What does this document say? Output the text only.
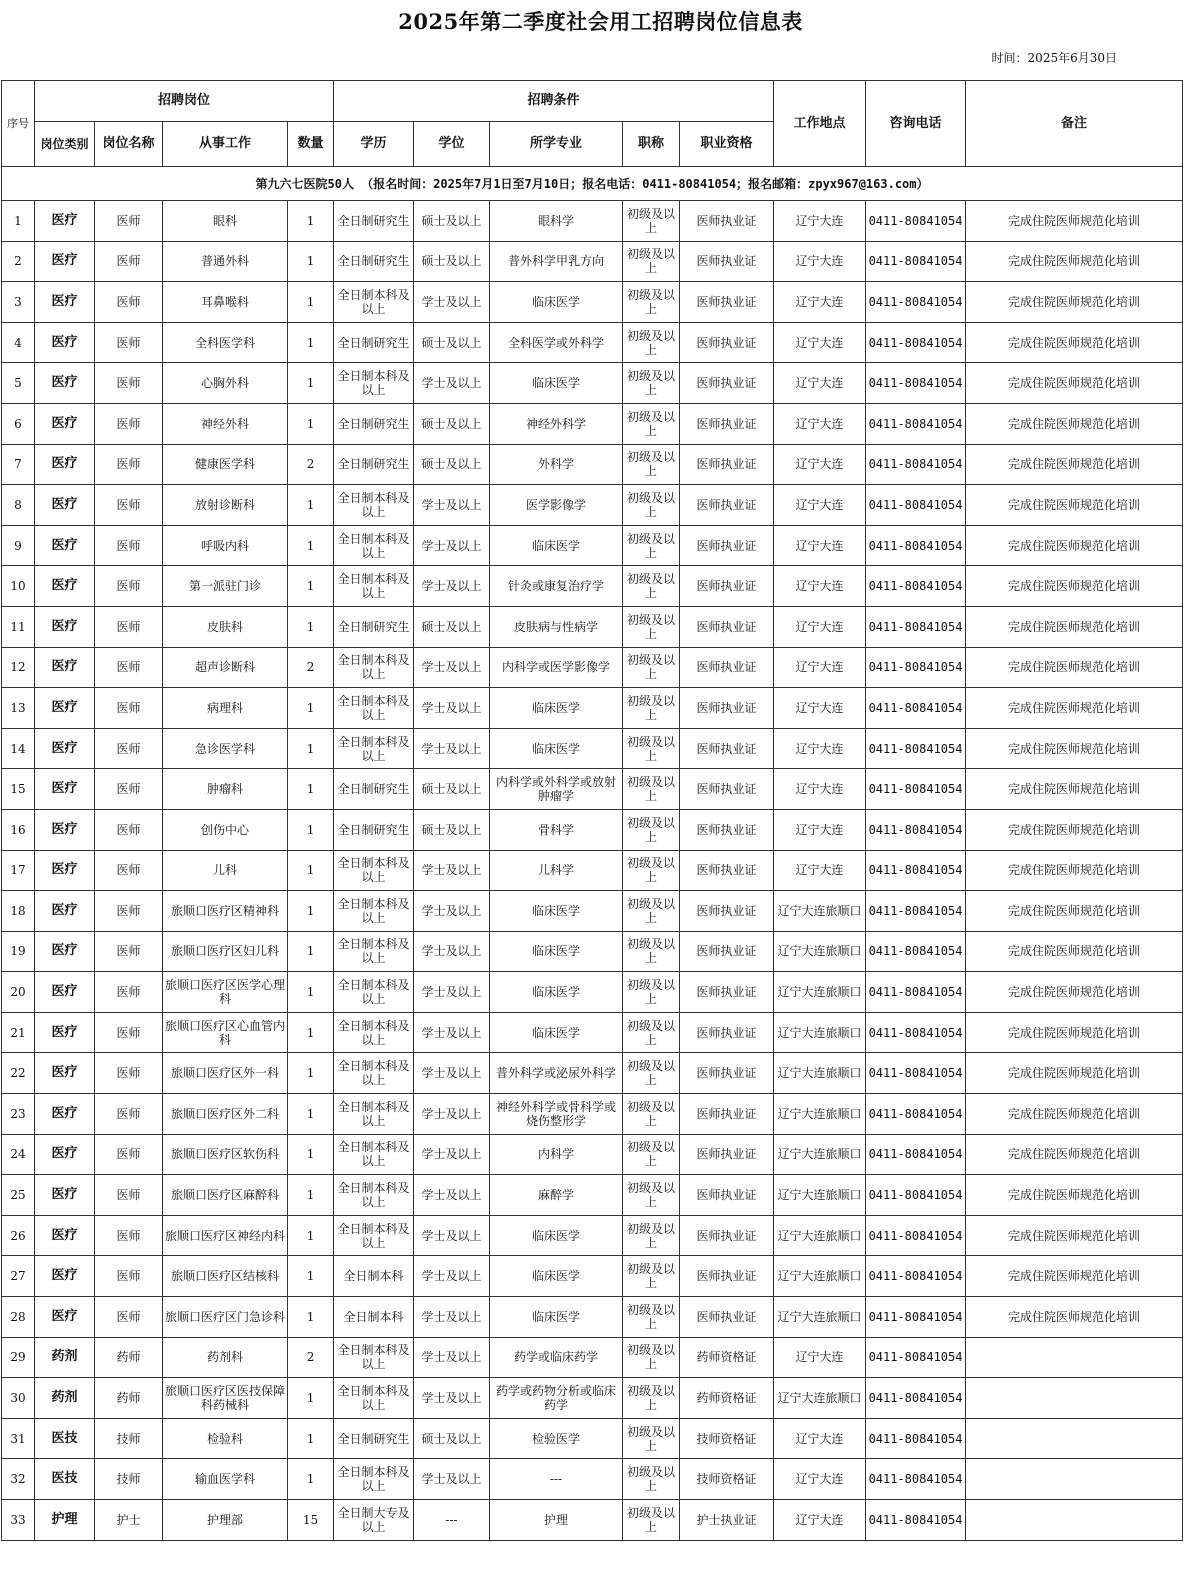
2025年第二季度社会用工招聘岗位信息表
时间：2025年6月30日
序号	招聘岗位				招聘条件					工作地点	咨询电话	备注
	岗位类别	岗位名称	从事工作	数量	学历	学位	所学专业	职称	职业资格			
第九六七医院50人 （报名时间：2025年7月1日至7月10日；报名电话：0411-80841054；报名邮箱：zpyx967@163.com）												
1	医疗	医师	眼科	1	全日制研究生	硕士及以上	眼科学	初级及以上	医师执业证	辽宁大连	0411-80841054	完成住院医师规范化培训
2	医疗	医师	普通外科	1	全日制研究生	硕士及以上	普外科学甲乳方向	初级及以上	医师执业证	辽宁大连	0411-80841054	完成住院医师规范化培训
3	医疗	医师	耳鼻喉科	1	全日制本科及以上	学士及以上	临床医学	初级及以上	医师执业证	辽宁大连	0411-80841054	完成住院医师规范化培训
4	医疗	医师	全科医学科	1	全日制研究生	硕士及以上	全科医学或外科学	初级及以上	医师执业证	辽宁大连	0411-80841054	完成住院医师规范化培训
5	医疗	医师	心胸外科	1	全日制本科及以上	学士及以上	临床医学	初级及以上	医师执业证	辽宁大连	0411-80841054	完成住院医师规范化培训
6	医疗	医师	神经外科	1	全日制研究生	硕士及以上	神经外科学	初级及以上	医师执业证	辽宁大连	0411-80841054	完成住院医师规范化培训
7	医疗	医师	健康医学科	2	全日制研究生	硕士及以上	外科学	初级及以上	医师执业证	辽宁大连	0411-80841054	完成住院医师规范化培训
8	医疗	医师	放射诊断科	1	全日制本科及以上	学士及以上	医学影像学	初级及以上	医师执业证	辽宁大连	0411-80841054	完成住院医师规范化培训
9	医疗	医师	呼吸内科	1	全日制本科及以上	学士及以上	临床医学	初级及以上	医师执业证	辽宁大连	0411-80841054	完成住院医师规范化培训
10	医疗	医师	第一派驻门诊	1	全日制本科及以上	学士及以上	针灸或康复治疗学	初级及以上	医师执业证	辽宁大连	0411-80841054	完成住院医师规范化培训
11	医疗	医师	皮肤科	1	全日制研究生	硕士及以上	皮肤病与性病学	初级及以上	医师执业证	辽宁大连	0411-80841054	完成住院医师规范化培训
12	医疗	医师	超声诊断科	2	全日制本科及以上	学士及以上	内科学或医学影像学	初级及以上	医师执业证	辽宁大连	0411-80841054	完成住院医师规范化培训
13	医疗	医师	病理科	1	全日制本科及以上	学士及以上	临床医学	初级及以上	医师执业证	辽宁大连	0411-80841054	完成住院医师规范化培训
14	医疗	医师	急诊医学科	1	全日制本科及以上	学士及以上	临床医学	初级及以上	医师执业证	辽宁大连	0411-80841054	完成住院医师规范化培训
15	医疗	医师	肿瘤科	1	全日制研究生	硕士及以上	内科学或外科学或放射肿瘤学	初级及以上	医师执业证	辽宁大连	0411-80841054	完成住院医师规范化培训
16	医疗	医师	创伤中心	1	全日制研究生	硕士及以上	骨科学	初级及以上	医师执业证	辽宁大连	0411-80841054	完成住院医师规范化培训
17	医疗	医师	儿科	1	全日制本科及以上	学士及以上	儿科学	初级及以上	医师执业证	辽宁大连	0411-80841054	完成住院医师规范化培训
18	医疗	医师	旅顺口医疗区精神科	1	全日制本科及以上	学士及以上	临床医学	初级及以上	医师执业证	辽宁大连旅顺口	0411-80841054	完成住院医师规范化培训
19	医疗	医师	旅顺口医疗区妇儿科	1	全日制本科及以上	学士及以上	临床医学	初级及以上	医师执业证	辽宁大连旅顺口	0411-80841054	完成住院医师规范化培训
20	医疗	医师	旅顺口医疗区医学心理科	1	全日制本科及以上	学士及以上	临床医学	初级及以上	医师执业证	辽宁大连旅顺口	0411-80841054	完成住院医师规范化培训
21	医疗	医师	旅顺口医疗区心血管内科	1	全日制本科及以上	学士及以上	临床医学	初级及以上	医师执业证	辽宁大连旅顺口	0411-80841054	完成住院医师规范化培训
22	医疗	医师	旅顺口医疗区外一科	1	全日制本科及以上	学士及以上	普外科学或泌尿外科学	初级及以上	医师执业证	辽宁大连旅顺口	0411-80841054	完成住院医师规范化培训
23	医疗	医师	旅顺口医疗区外二科	1	全日制本科及以上	学士及以上	神经外科学或骨科学或烧伤整形学	初级及以上	医师执业证	辽宁大连旅顺口	0411-80841054	完成住院医师规范化培训
24	医疗	医师	旅顺口医疗区软伤科	1	全日制本科及以上	学士及以上	内科学	初级及以上	医师执业证	辽宁大连旅顺口	0411-80841054	完成住院医师规范化培训
25	医疗	医师	旅顺口医疗区麻醉科	1	全日制本科及以上	学士及以上	麻醉学	初级及以上	医师执业证	辽宁大连旅顺口	0411-80841054	完成住院医师规范化培训
26	医疗	医师	旅顺口医疗区神经内科	1	全日制本科及以上	学士及以上	临床医学	初级及以上	医师执业证	辽宁大连旅顺口	0411-80841054	完成住院医师规范化培训
27	医疗	医师	旅顺口医疗区结核科	1	全日制本科	学士及以上	临床医学	初级及以上	医师执业证	辽宁大连旅顺口	0411-80841054	完成住院医师规范化培训
28	医疗	医师	旅顺口医疗区门急诊科	1	全日制本科	学士及以上	临床医学	初级及以上	医师执业证	辽宁大连旅顺口	0411-80841054	完成住院医师规范化培训
29	药剂	药师	药剂科	2	全日制本科及以上	学士及以上	药学或临床药学	初级及以上	药师资格证	辽宁大连	0411-80841054	
30	药剂	药师	旅顺口医疗区医技保障科药械科	1	全日制本科及以上	学士及以上	药学或药物分析或临床药学	初级及以上	药师资格证	辽宁大连旅顺口	0411-80841054	
31	医技	技师	检验科	1	全日制研究生	硕士及以上	检验医学	初级及以上	技师资格证	辽宁大连	0411-80841054	
32	医技	技师	输血医学科	1	全日制本科及以上	学士及以上	---	初级及以上	技师资格证	辽宁大连	0411-80841054	
33	护理	护士	护理部	15	全日制大专及以上	---	护理	初级及以上	护士执业证	辽宁大连	0411-80841054	
